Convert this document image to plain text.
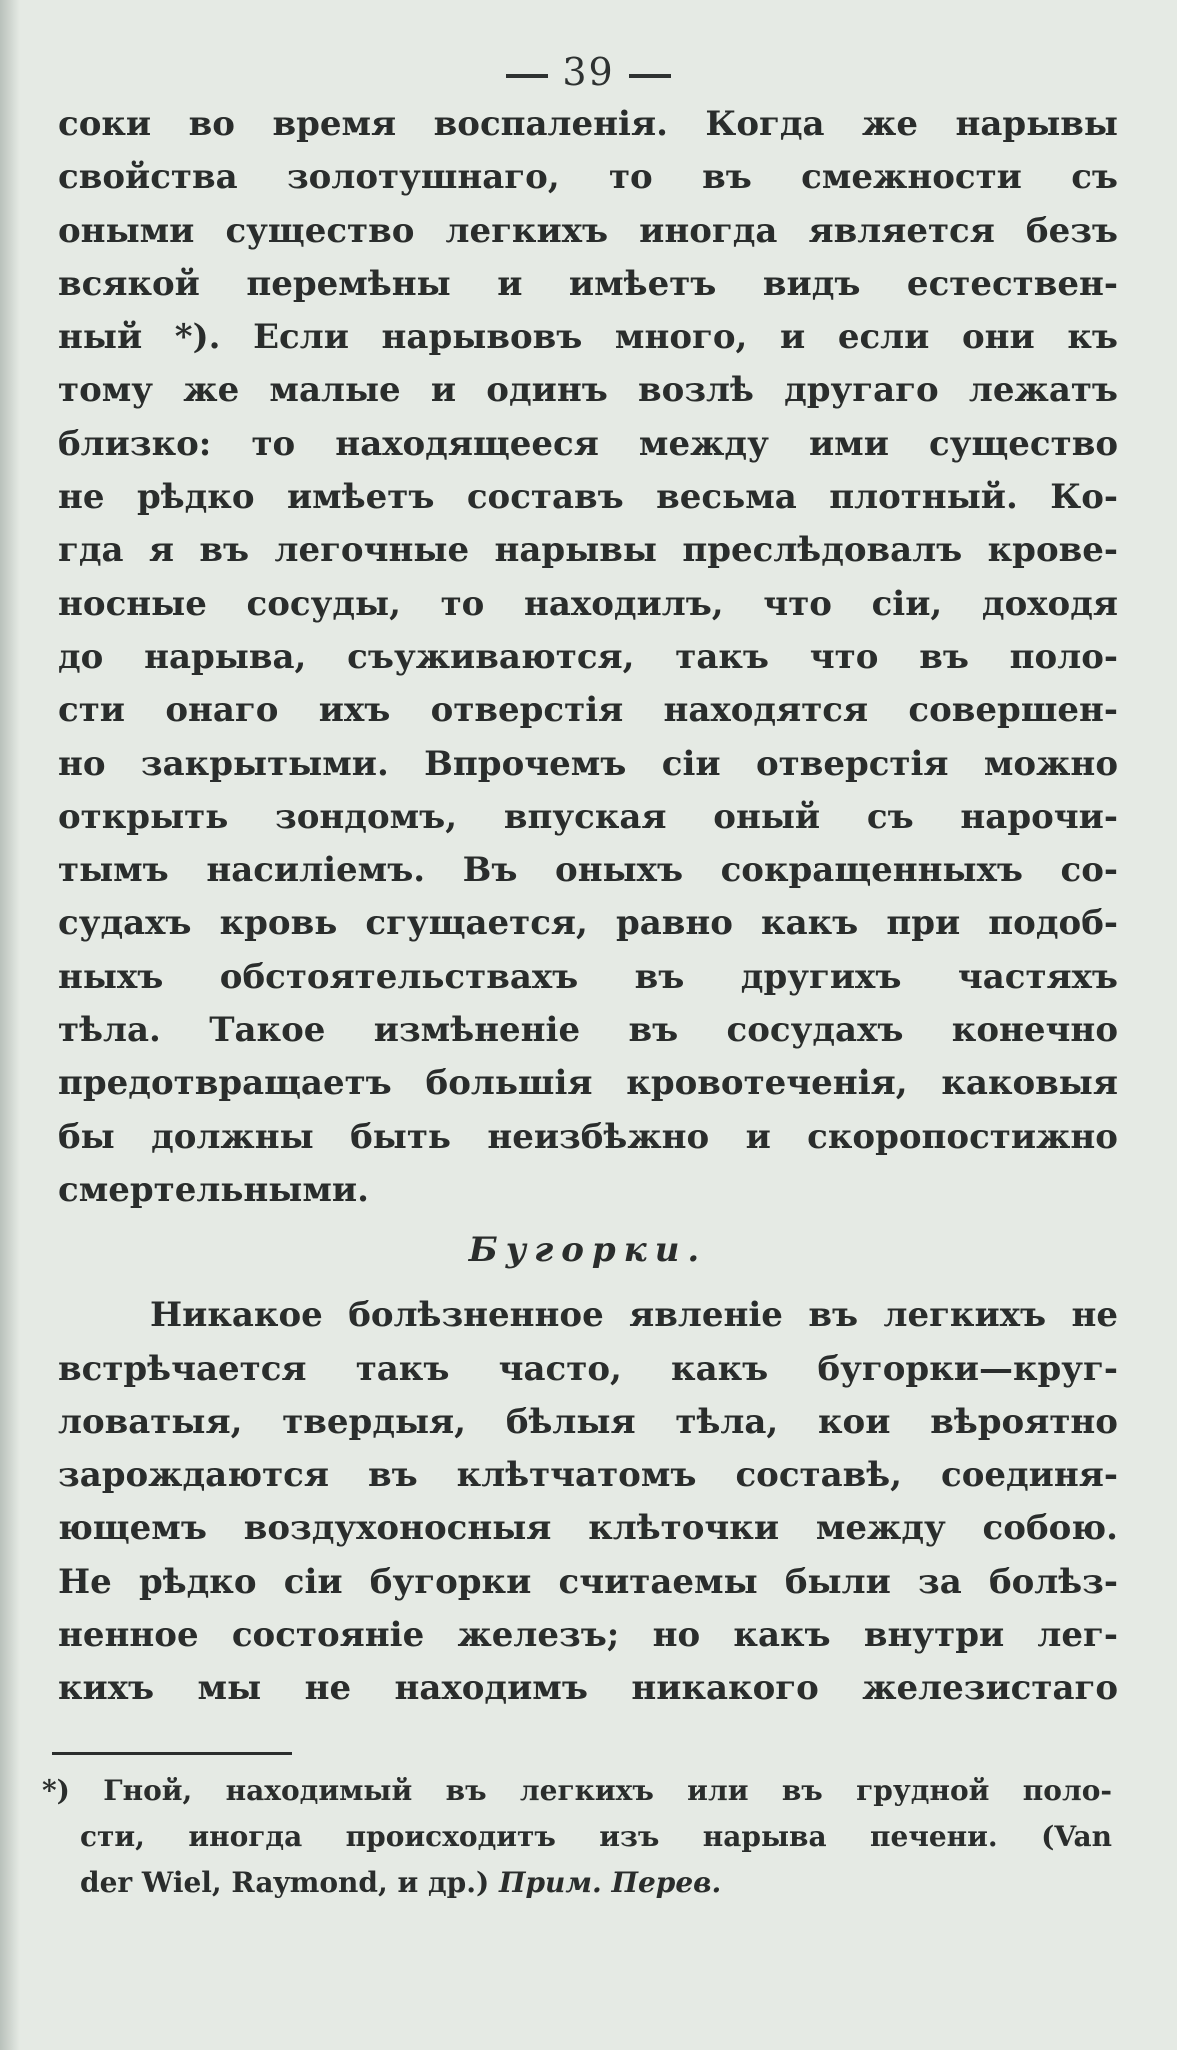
39
соки во время воспаленія. Когда же нарывы
свойства золотушнаго, то въ смежности съ
оными существо легкихъ иногда является безъ
всякой перемѣны и имѣетъ видъ естествен-
ный *). Если нарывовъ много, и если они къ
тому же малые и одинъ возлѣ другаго лежатъ
близко: то находящееся между ими существо
не рѣдко имѣетъ составъ весьма плотный. Ко-
гда я въ легочные нарывы преслѣдовалъ крове-
носные сосуды, то находилъ, что сіи, доходя
до нарыва, съуживаются, такъ что въ поло-
сти онаго ихъ отверстія находятся совершен-
но закрытыми. Впрочемъ сіи отверстія можно
открыть зондомъ, впуская оный съ нарочи-
тымъ насиліемъ. Въ оныхъ сокращенныхъ со-
судахъ кровь сгущается, равно какъ при подоб-
ныхъ обстоятельствахъ въ другихъ частяхъ
тѣла. Такое измѣненіе въ сосудахъ конечно
предотвращаетъ большія кровотеченія, каковыя
бы должны быть неизбѣжно и скоропостижно
смертельными.
Бугорки.
Никакое болѣзненное явленіе въ легкихъ не
встрѣчается такъ часто, какъ бугорки—круг-
ловатыя, твердыя, бѣлыя тѣла, кои вѣроятно
зарождаются въ клѣтчатомъ составѣ, соединя-
ющемъ воздухоносныя клѣточки между собою.
Не рѣдко сіи бугорки считаемы были за болѣз-
ненное состояніе железъ; но какъ внутри лег-
кихъ мы не находимъ никакого железистаго
*) Гной, находимый въ легкихъ или въ грудной поло-
сти, иногда происходитъ изъ нарыва печени. (Van
der Wiel, Raymond, и др.) Прим. Перев.
